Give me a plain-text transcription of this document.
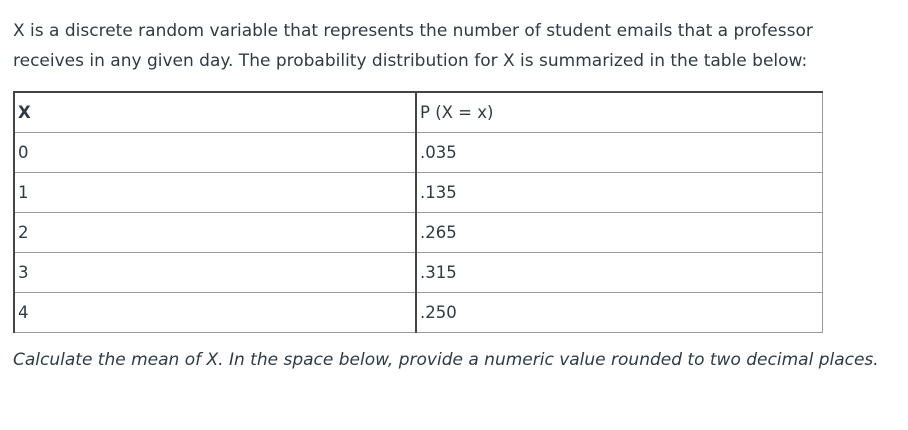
X is a discrete random variable that represents the number of student emails that a professor receives in any given day. The probability distribution for X is summarized in the table below:

X	P (X = x)
0	.035
1	.135
2	.265
3	.315
4	.250

Calculate the mean of X. In the space below, provide a numeric value rounded to two decimal places.
